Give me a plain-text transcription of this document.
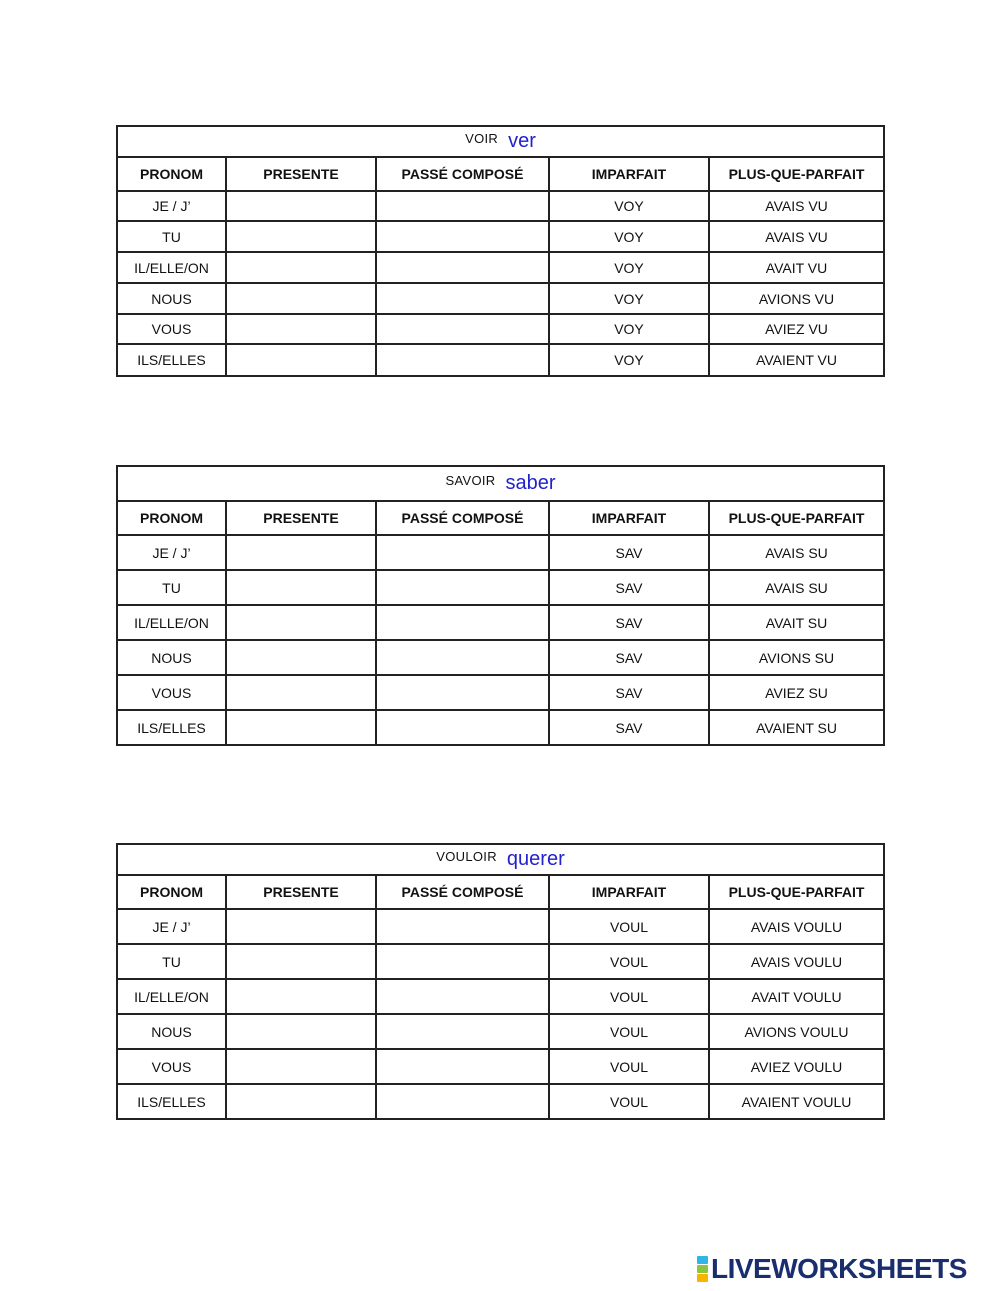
VOIR ver				
PRONOM	PRESENTE	PASSÉ COMPOSÉ	IMPARFAIT	PLUS-QUE-PARFAIT
JE / J’			VOY	AVAIS VU
TU			VOY	AVAIS VU
IL/ELLE/ON			VOY	AVAIT VU
NOUS			VOY	AVIONS VU
VOUS			VOY	AVIEZ VU
ILS/ELLES			VOY	AVAIENT VU
SAVOIR saber				
PRONOM	PRESENTE	PASSÉ COMPOSÉ	IMPARFAIT	PLUS-QUE-PARFAIT
JE / J’			SAV	AVAIS SU
TU			SAV	AVAIS SU
IL/ELLE/ON			SAV	AVAIT SU
NOUS			SAV	AVIONS SU
VOUS			SAV	AVIEZ SU
ILS/ELLES			SAV	AVAIENT SU
VOULOIR querer				
PRONOM	PRESENTE	PASSÉ COMPOSÉ	IMPARFAIT	PLUS-QUE-PARFAIT
JE / J’			VOUL	AVAIS VOULU
TU			VOUL	AVAIS VOULU
IL/ELLE/ON			VOUL	AVAIT VOULU
NOUS			VOUL	AVIONS VOULU
VOUS			VOUL	AVIEZ VOULU
ILS/ELLES			VOUL	AVAIENT VOULU
LIVEWORKSHEETS
